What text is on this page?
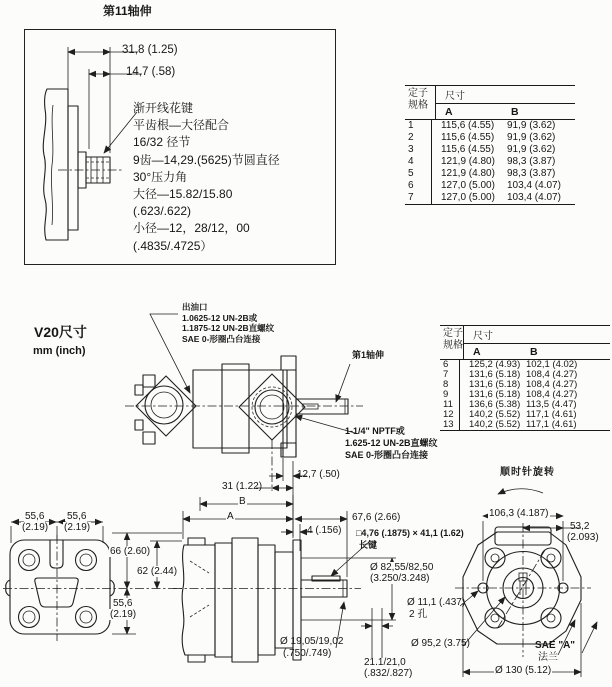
第11轴伸
31,8 (1.25)
14,7 (.58)
渐开线花键
平齿根—大径配合
16/32 径节
9齿—14,29.(5625)节圆直径
30°压力角
大径—15.82/15.80
(.623/.622)
小径—12，28/12，00
(.4835/.4725）
定子
规格
尺寸
A	B
1	115,6 (4.55)	91,9 (3.62)
2	115,6 (4.55)	91,9 (3.62)
3	115,6 (4.55)	91,9 (3.62)
4	121,9 (4.80)	98,3 (3.87)
5	121,9 (4.80)	98,3 (3.87)
6	127,0 (5.00)	103,4 (4.07)
7	127,0 (5.00)	103,4 (4.07)
V20尺寸
mm (inch)
出油口
1.0625-12 UN-2B或
1.1875-12 UN-2B直螺纹
SAE 0-形圈凸台连接	定子
规格
尺寸
A	B
6	125,2 (4.93) 102,1 (4.02)
7	131,6 (5.18) 108,4 (4.27)
8	131,6 (5.18) 108,4 (4.27)
9	131,6 (5.18) 108,4 (4.27)
11	136,6 (5.38) 113,5 (4.47)
12	140,2 (5.52) 117,1 (4.61)
13	140,2 (5.52) 117,1 (4.61)
第1轴伸
1-1/4" NPTF或
1.625-12 UN-2B直螺纹
SAE 0-形圈凸台连接
12,7 (.50)
31 (1.22)
B
A	67,6 (2.66)
4 (.156) □4,76 (.1875) × 41,1 (1.62)
长键
Ø 82,55/82,50
(3.250/3.248)
Ø 19,05/19,02
(.750/.749)
21.1/21,0
(.832/.827)
55,6
(2.19)
55,6
(2.19)
66 (2.60)
62 (2.44)
55,6
(2.19)
顺时针旋转
106,3 (4.187)
53,2
(2.093)
Ø 11,1 (.437)
2 孔
Ø 95,2 (3.75)	SAE "A"
法兰
Ø 130 (5.12)
